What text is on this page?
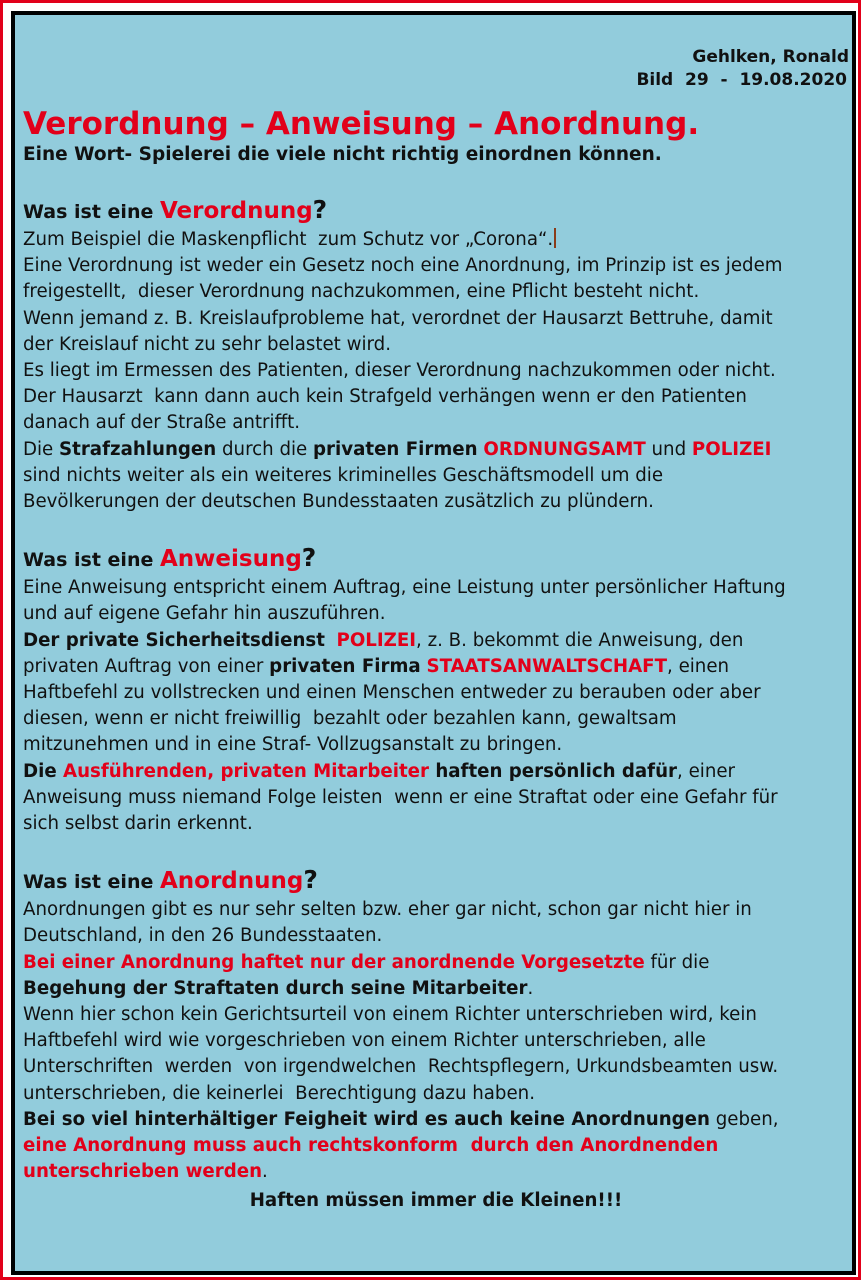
Gehlken, Ronald
Bild  29  -  19.08.2020
Verordnung – Anweisung – Anordnung.
Eine Wort- Spielerei die viele nicht richtig einordnen können.
Was ist eine Verordnung?

Zum Beispiel die Maskenpflicht  zum Schutz vor „Corona“.

Eine Verordnung ist weder ein Gesetz noch eine Anordnung, im Prinzip ist es jedem

freigestellt,  dieser Verordnung nachzukommen, eine Pflicht besteht nicht.

Wenn jemand z. B. Kreislaufprobleme hat, verordnet der Hausarzt Bettruhe, damit

der Kreislauf nicht zu sehr belastet wird.

Es liegt im Ermessen des Patienten, dieser Verordnung nachzukommen oder nicht.

Der Hausarzt  kann dann auch kein Strafgeld verhängen wenn er den Patienten

danach auf der Straße antrifft.

Die Strafzahlungen durch die privaten Firmen ORDNUNGSAMT und POLIZEI

sind nichts weiter als ein weiteres kriminelles Geschäftsmodell um die

Bevölkerungen der deutschen Bundesstaaten zusätzlich zu plündern.

Was ist eine Anweisung?

Eine Anweisung entspricht einem Auftrag, eine Leistung unter persönlicher Haftung

und auf eigene Gefahr hin auszuführen.

Der private Sicherheitsdienst POLIZEI, z. B. bekommt die Anweisung, den

privaten Auftrag von einer privaten Firma STAATSANWALTSCHAFT, einen

Haftbefehl zu vollstrecken und einen Menschen entweder zu berauben oder aber

diesen, wenn er nicht freiwillig  bezahlt oder bezahlen kann, gewaltsam

mitzunehmen und in eine Straf- Vollzugsanstalt zu bringen.

Die Ausführenden, privaten Mitarbeiter haften persönlich dafür, einer

Anweisung muss niemand Folge leisten  wenn er eine Straftat oder eine Gefahr für

sich selbst darin erkennt.

Was ist eine Anordnung?

Anordnungen gibt es nur sehr selten bzw. eher gar nicht, schon gar nicht hier in

Deutschland, in den 26 Bundesstaaten.

Bei einer Anordnung haftet nur der anordnende Vorgesetzte für die

Begehung der Straftaten durch seine Mitarbeiter.

Wenn hier schon kein Gerichtsurteil von einem Richter unterschrieben wird, kein

Haftbefehl wird wie vorgeschrieben von einem Richter unterschrieben, alle

Unterschriften  werden  von irgendwelchen  Rechtspflegern, Urkundsbeamten usw.

unterschrieben, die keinerlei  Berechtigung dazu haben.

Bei so viel hinterhältiger Feigheit wird es auch keine Anordnungen geben,

eine Anordnung muss auch rechtskonform  durch den Anordnenden

unterschrieben werden.

Haften müssen immer die Kleinen!!!
